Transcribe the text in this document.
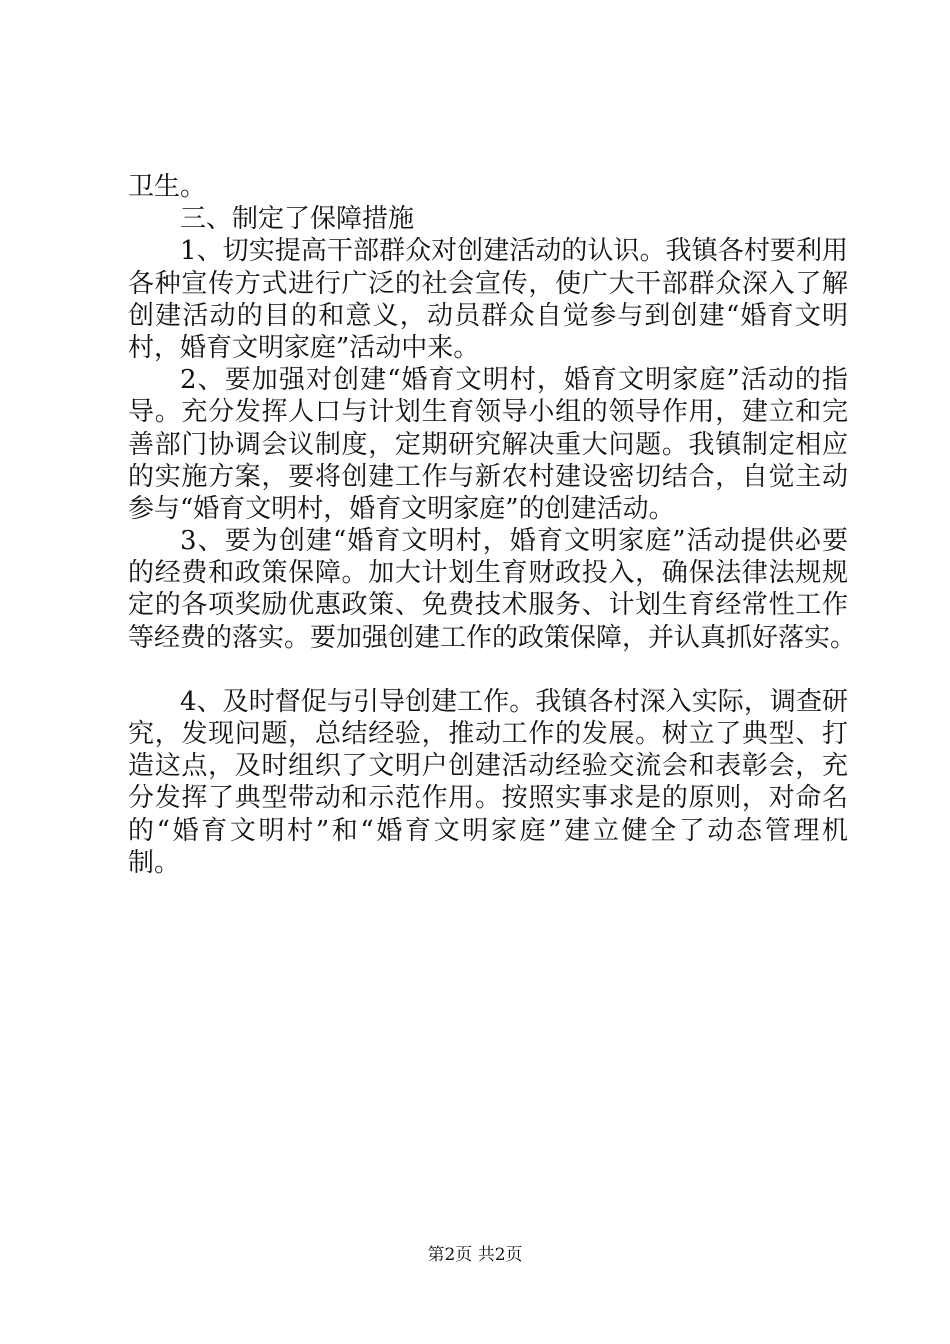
卫生。
三、制定了保障措施
1、切实提高干部群众对创建活动的认识。我镇各村要利用
各种宣传方式进行广泛的社会宣传，使广大干部群众深入了解
创建活动的目的和意义，动员群众自觉参与到创建“婚育文明
村，婚育文明家庭”活动中来。
2、要加强对创建“婚育文明村，婚育文明家庭”活动的指
导。充分发挥人口与计划生育领导小组的领导作用，建立和完
善部门协调会议制度，定期研究解决重大问题。我镇制定相应
的实施方案，要将创建工作与新农村建设密切结合，自觉主动
参与“婚育文明村，婚育文明家庭”的创建活动。
3、要为创建“婚育文明村，婚育文明家庭”活动提供必要
的经费和政策保障。加大计划生育财政投入，确保法律法规规
定的各项奖励优惠政策、免费技术服务、计划生育经常性工作
等经费的落实。要加强创建工作的政策保障，并认真抓好落实。
4、及时督促与引导创建工作。我镇各村深入实际，调查研
究，发现问题，总结经验，推动工作的发展。树立了典型、打
造这点，及时组织了文明户创建活动经验交流会和表彰会，充
分发挥了典型带动和示范作用。按照实事求是的原则，对命名
的“婚育文明村”和“婚育文明家庭”建立健全了动态管理机
制。
第2页 共2页
